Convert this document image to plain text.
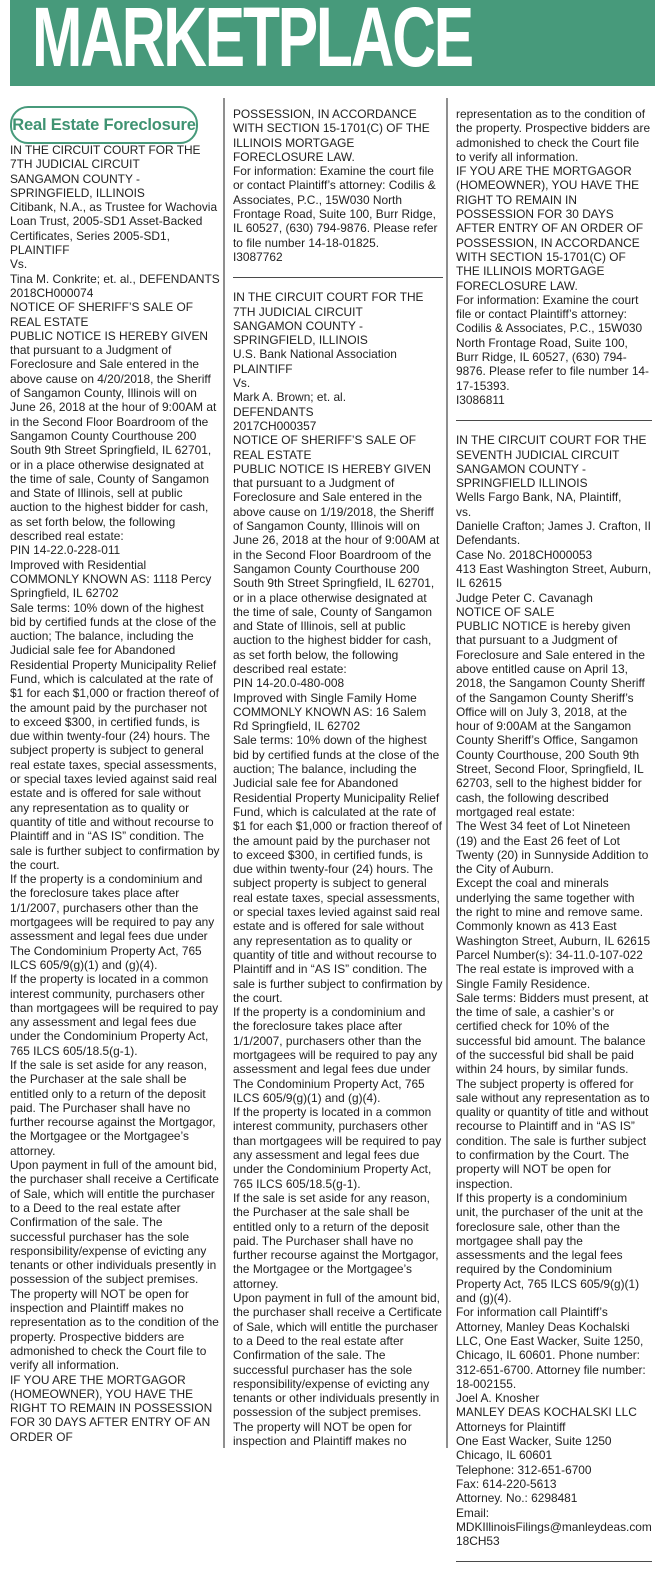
MARKETPLACE
Real Estate Foreclosure

IN THE CIRCUIT COURT FOR THE 7TH JUDICIAL CIRCUIT

SANGAMON COUNTY - SPRINGFIELD, ILLINOIS

Citibank, N.A., as Trustee for Wachovia Loan Trust, 2005-SD1 Asset-Backed Certificates, Series 2005-SD1,

PLAINTIFF

Vs.

Tina M. Conkrite; et. al., DEFENDANTS

2018CH000074

NOTICE OF SHERIFF’S SALE OF REAL ESTATE

PUBLIC NOTICE IS HEREBY GIVEN that pursuant to a Judgment of Foreclosure and Sale entered in the above cause on 4/20/2018, the Sheriff of Sangamon County, Illinois will on June 26, 2018 at the hour of 9:00AM at in the Second Floor Boardroom of the Sangamon County Courthouse 200 South 9th Street Springfield, IL 62701, or in a place otherwise designated at the time of sale, County of Sangamon and State of Illinois, sell at public auction to the highest bidder for cash, as set forth below, the following described real estate:

PIN 14-22.0-228-011

Improved with Residential

COMMONLY KNOWN AS: 1118 Percy Springfield, IL 62702

Sale terms: 10% down of the highest bid by certified funds at the close of the auction; The balance, including the Judicial sale fee for Abandoned Residential Property Municipality Relief Fund, which is calculated at the rate of $1 for each $1,000 or fraction thereof of the amount paid by the purchaser not to exceed $300, in certified funds, is due within twenty-four (24) hours. The subject property is subject to general real estate taxes, special assessments, or special taxes levied against said real estate and is offered for sale without any representation as to quality or quantity of title and without recourse to Plaintiff and in “AS IS” condition. The sale is further subject to confirmation by the court.

If the property is a condominium and the foreclosure takes place after 1/1/2007, purchasers other than the mortgagees will be required to pay any assessment and legal fees due under The Condominium Property Act, 765 ILCS 605/9(g)(1) and (g)(4).

If the property is located in a common interest community, purchasers other than mortgagees will be required to pay any assessment and legal fees due under the Condominium Property Act, 765 ILCS 605/18.5(g-1).

If the sale is set aside for any reason, the Purchaser at the sale shall be entitled only to a return of the deposit paid. The Purchaser shall have no further recourse against the Mortgagor, the Mortgagee or the Mortgagee’s attorney.

Upon payment in full of the amount bid, the purchaser shall receive a Certificate of Sale, which will entitle the purchaser to a Deed to the real estate after Confirmation of the sale. The successful purchaser has the sole responsibility/expense of evicting any tenants or other individuals presently in possession of the subject premises. The property will NOT be open for inspection and Plaintiff makes no representation as to the condition of the property. Prospective bidders are admonished to check the Court file to verify all information.

IF YOU ARE THE MORTGAGOR (HOMEOWNER), YOU HAVE THE RIGHT TO REMAIN IN POSSESSION FOR 30 DAYS AFTER ENTRY OF AN ORDER OF

POSSESSION, IN ACCORDANCE WITH SECTION 15-1701(C) OF THE ILLINOIS MORTGAGE FORECLOSURE LAW.

For information: Examine the court file or contact Plaintiff’s attorney: Codilis & Associates, P.C., 15W030 North Frontage Road, Suite 100, Burr Ridge, IL 60527, (630) 794-9876. Please refer to file number 14-18-01825.

I3087762

IN THE CIRCUIT COURT FOR THE 7TH JUDICIAL CIRCUIT

SANGAMON COUNTY - SPRINGFIELD, ILLINOIS

U.S. Bank National Association

PLAINTIFF

Vs.

Mark A. Brown; et. al.

DEFENDANTS

2017CH000357

NOTICE OF SHERIFF’S SALE OF REAL ESTATE

PUBLIC NOTICE IS HEREBY GIVEN that pursuant to a Judgment of Foreclosure and Sale entered in the above cause on 1/19/2018, the Sheriff of Sangamon County, Illinois will on June 26, 2018 at the hour of 9:00AM at in the Second Floor Boardroom of the Sangamon County Courthouse 200 South 9th Street Springfield, IL 62701, or in a place otherwise designated at the time of sale, County of Sangamon and State of Illinois, sell at public auction to the highest bidder for cash, as set forth below, the following described real estate:

PIN 14-20.0-480-008

Improved with Single Family Home

COMMONLY KNOWN AS: 16 Salem Rd Springfield, IL 62702

Sale terms: 10% down of the highest bid by certified funds at the close of the auction; The balance, including the Judicial sale fee for Abandoned Residential Property Municipality Relief Fund, which is calculated at the rate of $1 for each $1,000 or fraction thereof of the amount paid by the purchaser not to exceed $300, in certified funds, is due within twenty-four (24) hours. The subject property is subject to general real estate taxes, special assessments, or special taxes levied against said real estate and is offered for sale without any representation as to quality or quantity of title and without recourse to Plaintiff and in “AS IS” condition. The sale is further subject to confirmation by the court.

If the property is a condominium and the foreclosure takes place after 1/1/2007, purchasers other than the mortgagees will be required to pay any assessment and legal fees due under The Condominium Property Act, 765 ILCS 605/9(g)(1) and (g)(4).

If the property is located in a common interest community, purchasers other than mortgagees will be required to pay any assessment and legal fees due under the Condominium Property Act, 765 ILCS 605/18.5(g-1).

If the sale is set aside for any reason, the Purchaser at the sale shall be entitled only to a return of the deposit paid. The Purchaser shall have no further recourse against the Mortgagor, the Mortgagee or the Mortgagee’s attorney.

Upon payment in full of the amount bid, the purchaser shall receive a Certificate of Sale, which will entitle the purchaser to a Deed to the real estate after Confirmation of the sale. The successful purchaser has the sole responsibility/expense of evicting any tenants or other individuals presently in possession of the subject premises. The property will NOT be open for inspection and Plaintiff makes no

representation as to the condition of the property. Prospective bidders are admonished to check the Court file to verify all information.

IF YOU ARE THE MORTGAGOR (HOMEOWNER), YOU HAVE THE RIGHT TO REMAIN IN POSSESSION FOR 30 DAYS AFTER ENTRY OF AN ORDER OF POSSESSION, IN ACCORDANCE WITH SECTION 15-1701(C) OF THE ILLINOIS MORTGAGE FORECLOSURE LAW.

For information: Examine the court file or contact Plaintiff’s attorney: Codilis & Associates, P.C., 15W030 North Frontage Road, Suite 100, Burr Ridge, IL 60527, (630) 794-9876. Please refer to file number 14-17-15393.

I3086811

IN THE CIRCUIT COURT FOR THE SEVENTH JUDICIAL CIRCUIT

SANGAMON COUNTY - SPRINGFIELD ILLINOIS

Wells Fargo Bank, NA, Plaintiff,

vs.

Danielle Crafton; James J. Crafton, II

Defendants.

Case No. 2018CH000053

413 East Washington Street, Auburn, IL 62615

Judge Peter C. Cavanagh

NOTICE OF SALE

PUBLIC NOTICE is hereby given that pursuant to a Judgment of Foreclosure and Sale entered in the above entitled cause on April 13, 2018, the Sangamon County Sheriff of the Sangamon County Sheriff’s Office will on July 3, 2018, at the hour of 9:00AM at the Sangamon County Sheriff’s Office, Sangamon County Courthouse, 200 South 9th Street, Second Floor, Springfield, IL 62703, sell to the highest bidder for cash, the following described mortgaged real estate:

The West 34 feet of Lot Nineteen (19) and the East 26 feet of Lot Twenty (20) in Sunnyside Addition to the City of Auburn.

Except the coal and minerals underlying the same together with the right to mine and remove same.

Commonly known as 413 East Washington Street, Auburn, IL 62615

Parcel Number(s): 34-11.0-107-022

The real estate is improved with a Single Family Residence.

Sale terms: Bidders must present, at the time of sale, a cashier’s or certified check for 10% of the successful bid amount. The balance of the successful bid shall be paid within 24 hours, by similar funds. The subject property is offered for sale without any representation as to quality or quantity of title and without recourse to Plaintiff and in “AS IS” condition. The sale is further subject to confirmation by the Court. The property will NOT be open for inspection.

If this property is a condominium unit, the purchaser of the unit at the foreclosure sale, other than the mortgagee shall pay the assessments and the legal fees required by the Condominium Property Act, 765 ILCS 605/9(g)(1) and (g)(4).

For information call Plaintiff’s Attorney, Manley Deas Kochalski LLC, One East Wacker, Suite 1250, Chicago, IL 60601. Phone number: 312-651-6700. Attorney file number: 18-002155.

Joel A. Knosher

MANLEY DEAS KOCHALSKI LLC

Attorneys for Plaintiff

One East Wacker, Suite 1250

Chicago, IL 60601

Telephone: 312-651-6700

Fax: 614-220-5613

Attorney. No.: 6298481

Email: MDKIllinoisFilings@manleydeas.com

18CH53
